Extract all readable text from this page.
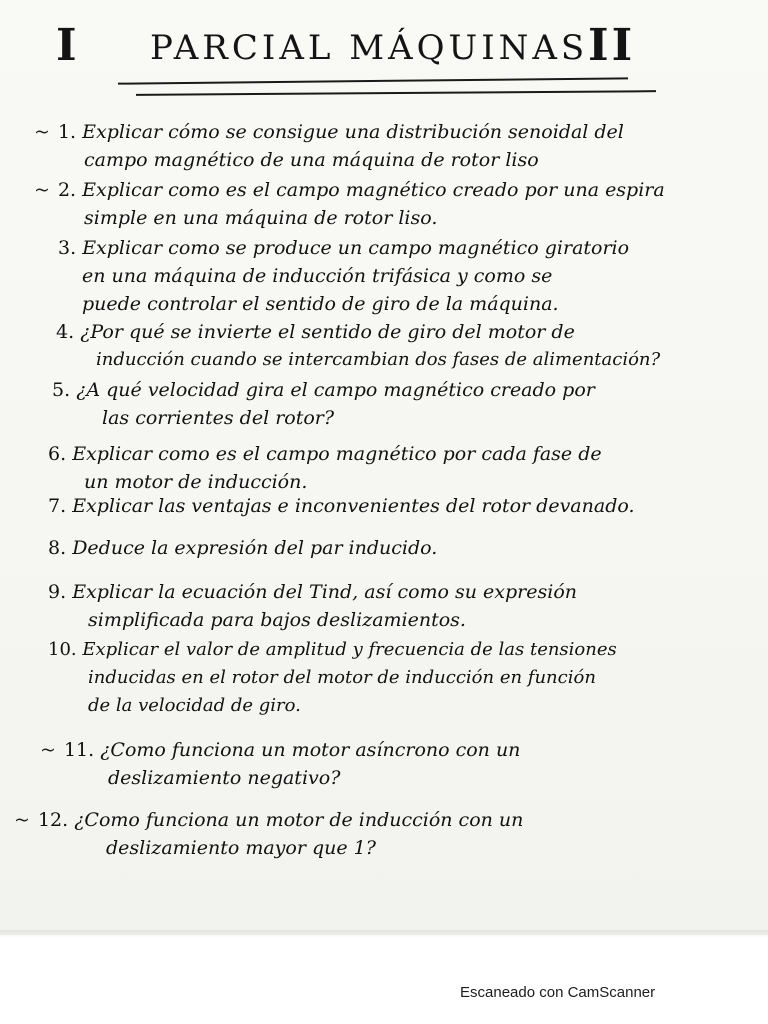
I PARCIAL MÁQUINAS II
~ 1. Explicar cómo se consigue una distribución senoidal del
campo magnético de una máquina de rotor liso
~ 2. Explicar como es el campo magnético creado por una espira
simple en una máquina de rotor liso.
3. Explicar como se produce un campo magnético giratorio
en una máquina de inducción trifásica y como se
puede controlar el sentido de giro de la máquina.
4. ¿Por qué se invierte el sentido de giro del motor de
inducción cuando se intercambian dos fases de alimentación?
5. ¿A qué velocidad gira el campo magnético creado por
las corrientes del rotor?
6. Explicar como es el campo magnético por cada fase de
un motor de inducción.
7. Explicar las ventajas e inconvenientes del rotor devanado.
8. Deduce la expresión del par inducido.
9. Explicar la ecuación del Tind, así como su expresión
simplificada para bajos deslizamientos.
10. Explicar el valor de amplitud y frecuencia de las tensiones
inducidas en el rotor del motor de inducción en función
de la velocidad de giro.
~ 11. ¿Como funciona un motor asíncrono con un
deslizamiento negativo?
~ 12. ¿Como funciona un motor de inducción con un
deslizamiento mayor que 1?
Escaneado con CamScanner
